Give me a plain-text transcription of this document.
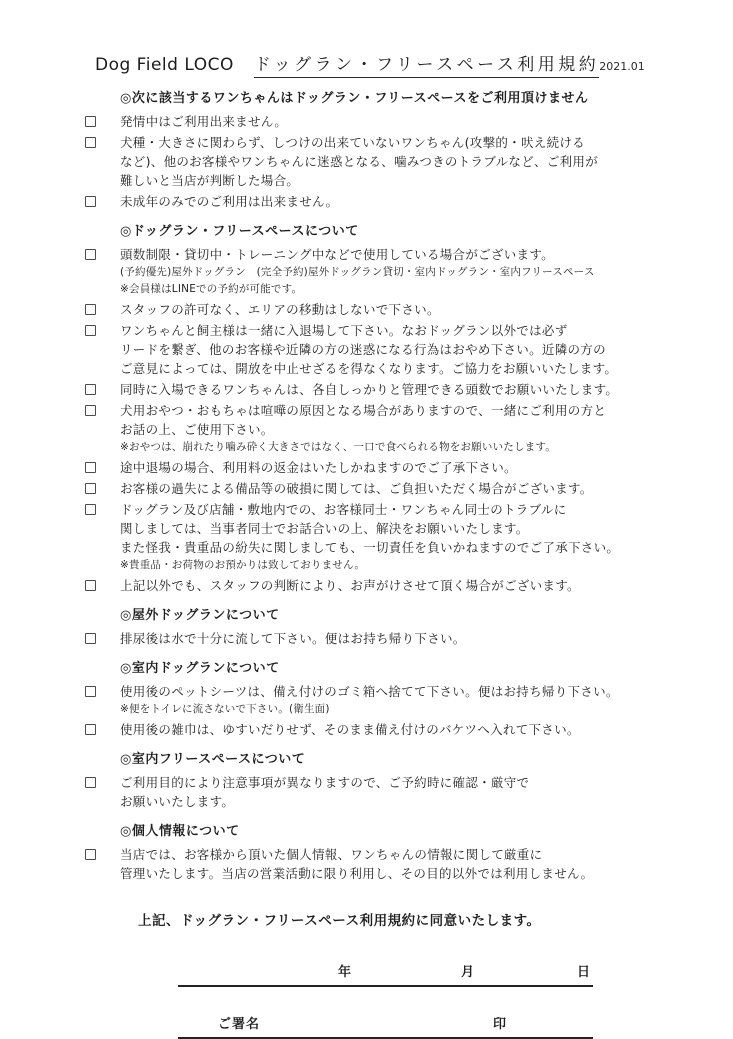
Dog Field LOCO ドッグラン・フリースペース利用規約 2021.01
◎次に該当するワンちゃんはドッグラン・フリースペースをご利用頂けません
発情中はご利用出来ません。
犬種・大きさに関わらず、しつけの出来ていないワンちゃん(攻撃的・吠え続ける
など)、他のお客様やワンちゃんに迷惑となる、噛みつきのトラブルなど、ご利用が
難しいと当店が判断した場合。
未成年のみでのご利用は出来ません。
◎ドッグラン・フリースペースについて
頭数制限・貸切中・トレーニング中などで使用している場合がございます。
(予約優先)屋外ドッグラン　(完全予約)屋外ドッグラン貸切・室内ドッグラン・室内フリースペース
※会員様はLINEでの予約が可能です。
スタッフの許可なく、エリアの移動はしないで下さい。
ワンちゃんと飼主様は一緒に入退場して下さい。なおドッグラン以外では必ず
リードを繋ぎ、他のお客様や近隣の方の迷惑になる行為はおやめ下さい。近隣の方の
ご意見によっては、開放を中止せざるを得なくなります。ご協力をお願いいたします。
同時に入場できるワンちゃんは、各自しっかりと管理できる頭数でお願いいたします。
犬用おやつ・おもちゃは喧嘩の原因となる場合がありますので、一緒にご利用の方と
お話の上、ご使用下さい。
※おやつは、崩れたり噛み砕く大きさではなく、一口で食べられる物をお願いいたします。
途中退場の場合、利用料の返金はいたしかねますのでご了承下さい。
お客様の過失による備品等の破損に関しては、ご負担いただく場合がございます。
ドッグラン及び店舗・敷地内での、お客様同士・ワンちゃん同士のトラブルに
関しましては、当事者同士でお話合いの上、解決をお願いいたします。
また怪我・貴重品の紛失に関しましても、一切責任を負いかねますのでご了承下さい。
※貴重品・お荷物のお預かりは致しておりません。
上記以外でも、スタッフの判断により、お声がけさせて頂く場合がございます。
◎屋外ドッグランについて
排尿後は水で十分に流して下さい。便はお持ち帰り下さい。
◎室内ドッグランについて
使用後のペットシーツは、備え付けのゴミ箱へ捨てて下さい。便はお持ち帰り下さい。
※便をトイレに流さないで下さい。(衛生面)
使用後の雑巾は、ゆすいだりせず、そのまま備え付けのバケツへ入れて下さい。
◎室内フリースペースについて
ご利用目的により注意事項が異なりますので、ご予約時に確認・厳守で
お願いいたします。
◎個人情報について
当店では、お客様から頂いた個人情報、ワンちゃんの情報に関して厳重に
管理いたします。当店の営業活動に限り利用し、その目的以外では利用しません。
上記、ドッグラン・フリースペース利用規約に同意いたします。
年	月	日
ご署名	印
